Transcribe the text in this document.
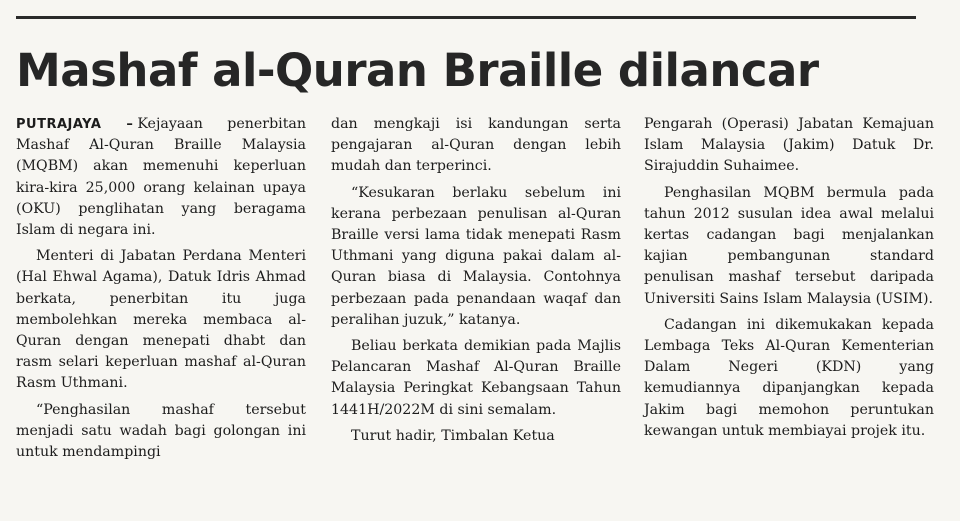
Mashaf al-Quran Braille dilancar

PUTRAJAYA – Kejayaan penerbitan Mashaf Al-Quran Braille Malaysia (MQBM) akan memenuhi keperluan kira-kira 25,000 orang kelainan upaya (OKU) penglihatan yang beragama Islam di negara ini.

Menteri di Jabatan Perdana Menteri (Hal Ehwal Agama), Datuk Idris Ahmad berkata, penerbitan itu juga membolehkan mereka membaca al-Quran dengan menepati dhabt dan rasm selari keperluan mashaf al-Quran Rasm Uthmani.

“Penghasilan mashaf tersebut menjadi satu wadah bagi golongan ini untuk mendampingi

dan mengkaji isi kandungan serta pengajaran al-Quran dengan lebih mudah dan terperinci.

“Kesukaran berlaku sebelum ini kerana perbezaan penulisan al-Quran Braille versi lama tidak menepati Rasm Uthmani yang diguna pakai dalam al-Quran biasa di Malaysia. Contohnya perbezaan pada penandaan waqaf dan peralihan juzuk,” katanya.

Beliau berkata demikian pada Majlis Pelancaran Mashaf Al-Quran Braille Malaysia Peringkat Kebangsaan Tahun 1441H/2022M di sini semalam.

Turut hadir, Timbalan Ketua

Pengarah (Operasi) Jabatan Kemajuan Islam Malaysia (Jakim) Datuk Dr. Sirajuddin Suhaimee.

Penghasilan MQBM bermula pada tahun 2012 susulan idea awal melalui kertas cadangan bagi menjalankan kajian pembangunan standard penulisan mashaf tersebut daripada Universiti Sains Islam Malaysia (USIM).

Cadangan ini dikemukakan kepada Lembaga Teks Al-Quran Kementerian Dalam Negeri (KDN) yang kemudiannya dipanjangkan kepada Jakim bagi memohon peruntukan kewangan untuk membiayai projek itu.
